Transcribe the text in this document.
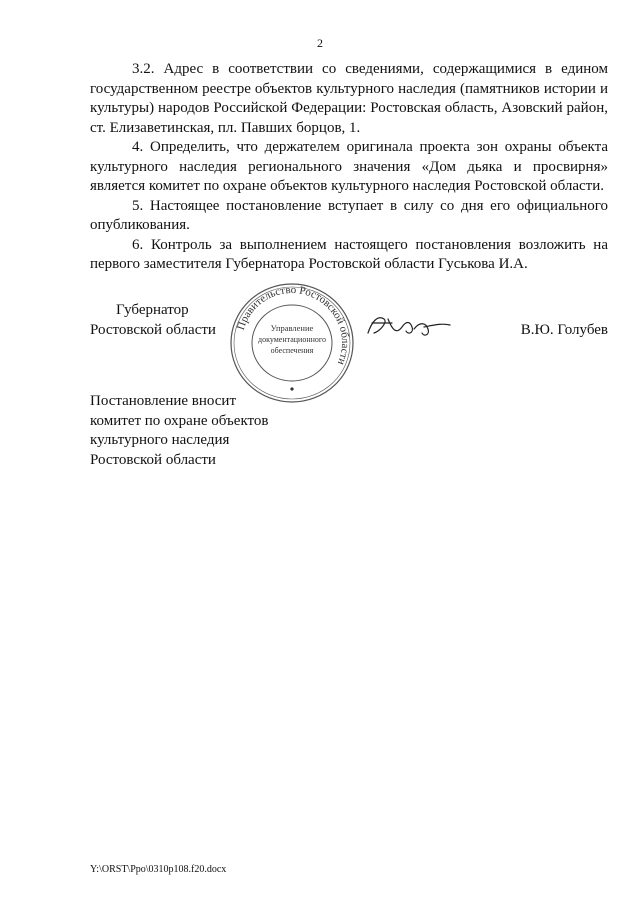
2

3.2. Адрес в соответствии со сведениями, содержащимися в едином государственном реестре объектов культурного наследия (памятников истории и культуры) народов Российской Федерации: Ростовская область, Азовский район, ст. Елизаветинская, пл. Павших борцов, 1.

4. Определить, что держателем оригинала проекта зон охраны объекта культурного наследия регионального значения «Дом дьяка и просвирня» является комитет по охране объектов культурного наследия Ростовской области.

5. Настоящее постановление вступает в силу со дня его официального опубликования.

6. Контроль за выполнением настоящего постановления возложить на первого заместителя Губернатора Ростовской области Гуськова И.А.

Губернатор
Ростовской области Правительство Ростовской области
Управление
документационного
обеспечения
В.Ю. Голубев
Постановление вносит
комитет по охране объектов
культурного наследия
Ростовской области
Y:\ORST\Ppo\0310p108.f20.docx
